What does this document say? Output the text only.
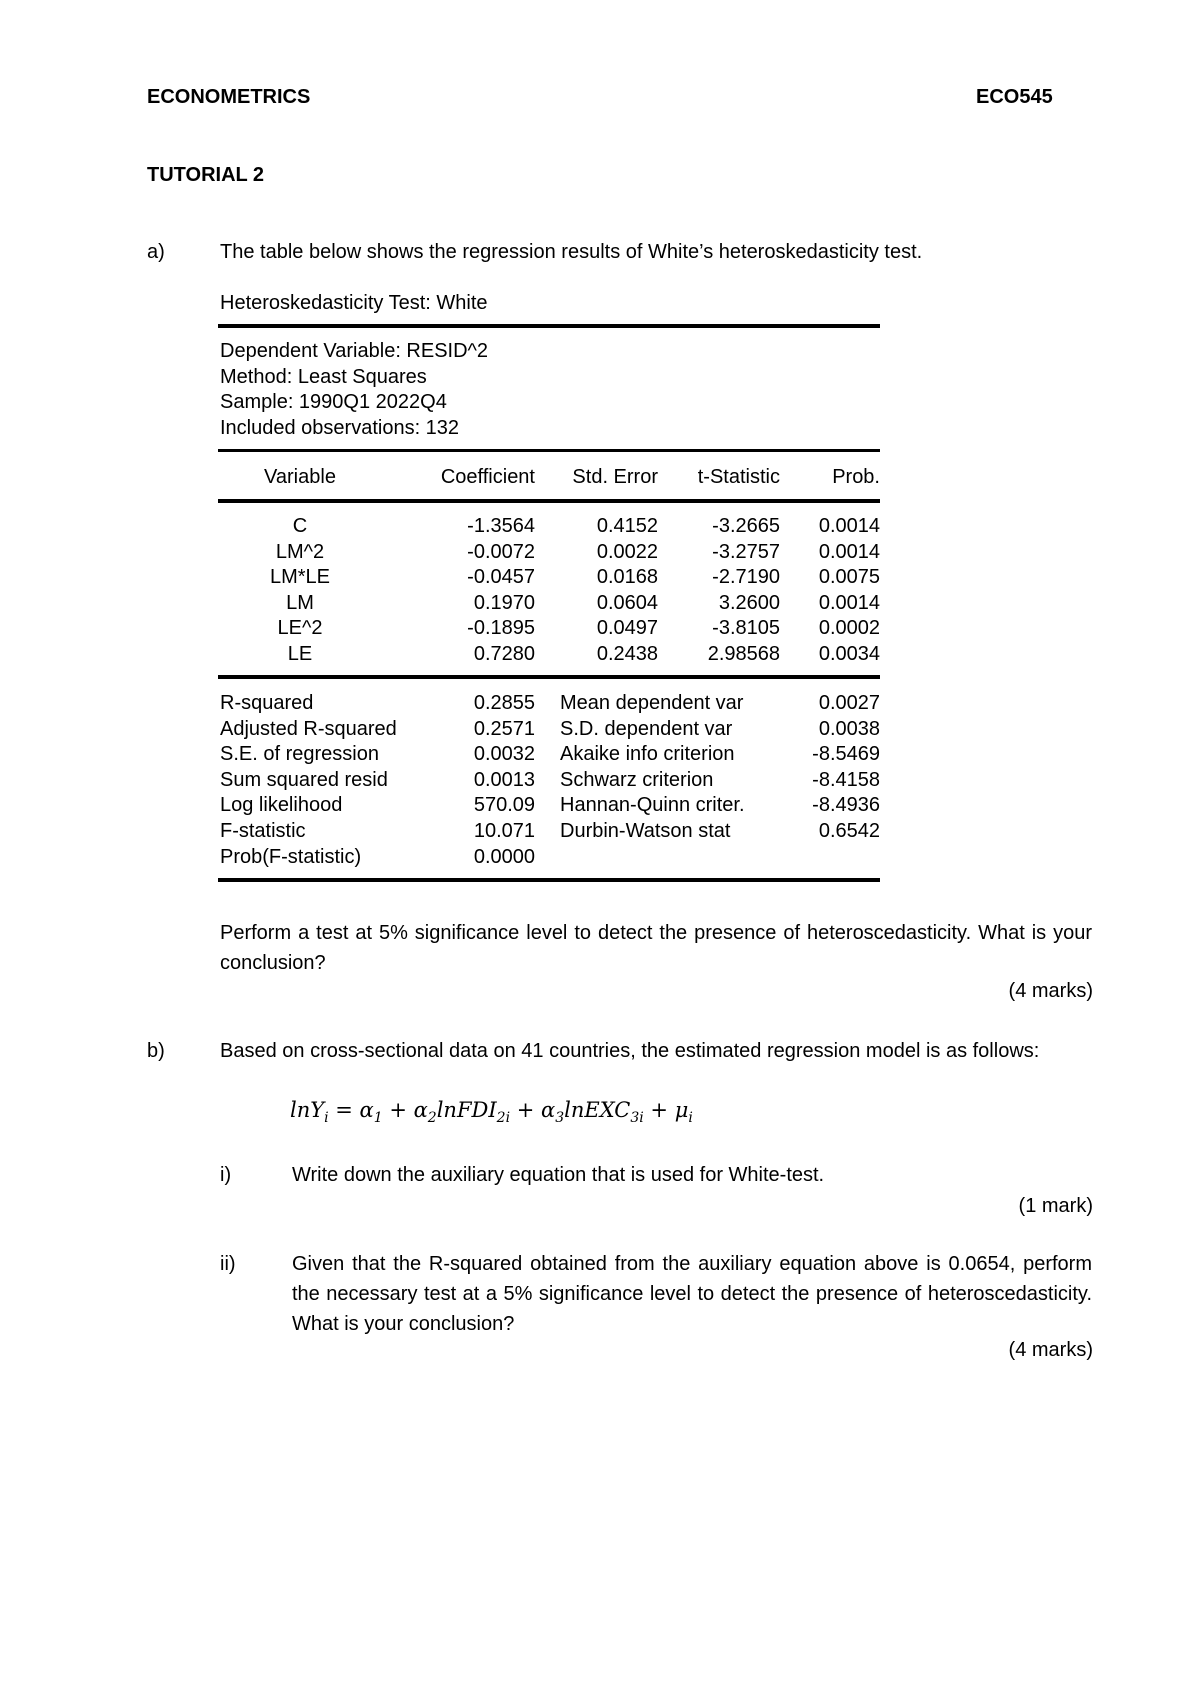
ECONOMETRICS	ECO545
TUTORIAL 2
a)	The table below shows the regression results of White’s heteroskedasticity test.
Heteroskedasticity Test: White
Dependent Variable: RESID^2
Method: Least Squares
Sample: 1990Q1 2022Q4
Included observations: 132
Variable	Coefficient	Std. Error	t-Statistic	Prob.
C	-1.3564	0.4152	-3.2665	0.0014
LM^2	-0.0072	0.0022	-3.2757	0.0014
LM*LE	-0.0457	0.0168	-2.7190	0.0075
LM	0.1970	0.0604	3.2600	0.0014
LE^2	-0.1895	0.0497	-3.8105	0.0002
LE	0.7280	0.2438	2.98568	0.0034
R-squared	0.2855 Mean dependent var	0.0027
Adjusted R-squared	0.2571 S.D. dependent var	0.0038
S.E. of regression	0.0032 Akaike info criterion	-8.5469
Sum squared resid	0.0013 Schwarz criterion	-8.4158
Log likelihood	570.09 Hannan-Quinn criter.	-8.4936
F-statistic	10.071 Durbin-Watson stat	0.6542
Prob(F-statistic)	0.0000
Perform a test at 5% significance level to detect the presence of heteroscedasticity. What is your conclusion?
(4 marks)
b)	Based on cross-sectional data on 41 countries, the estimated regression model is as follows:
$\ln Y_i = \alpha_1$ + $\alpha_2lnFDI_{2i}$ + $\alpha_3lnEXC_{3i} + \mu_i$
i)	Write down the auxiliary equation that is used for White-test.
(1 mark)
ii)	Given that the R-squared obtained from the auxiliary equation above is 0.0654, perform the necessary test at a 5% significance level to detect the presence of heteroscedasticity. What is your conclusion?
(4 marks)
